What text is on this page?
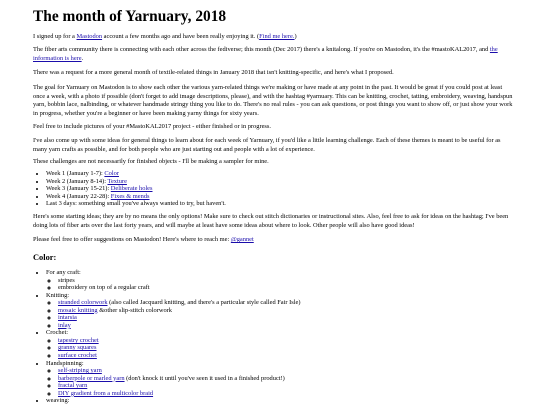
The month of Yarnuary, 2018

I signed up for a Mastodon account a few months ago and have been really enjoying it. (Find me here.)

The fiber arts community there is connecting with each other across the fediverse; this month (Dec 2017) there's a knitalong. If you're on Mastodon, it's the #mastoKAL2017, and the information is here.

There was a request for a more general month of textile-related things in January 2018 that isn't knitting-specific, and here's what I proposed.

The goal for Yarnuary on Mastodon is to show each other the various yarn-related things we're making or have made at any point in the past. It would be great if you could post at least once a week, with a photo if possible (don't forget to add image descriptions, please), and with the hashtag #yarnuary. This can be knitting, crochet, tatting, embroidery, weaving, handspun yarn, bobbin lace, nalbinding, or whatever handmade stringy thing you like to do. There's no real rules - you can ask questions, or post things you want to show off, or just show your work in progress, whether you're a beginner or have been making yarny things for sixty years.

Feel free to include pictures of your #MastoKAL2017 project - either finished or in progress.

I've also come up with some ideas for general things to learn about for each week of Yarnuary, if you'd like a little learning challenge. Each of these themes is meant to be useful for as many yarn crafts as possible, and for both people who are just starting out and people with a lot of experience.

These challenges are not necessarily for finished objects - I'll be making a sampler for mine.

• Week 1 (January 1-7): Color
• Week 2 (January 8-14): Texture
• Week 3 (January 15-21): Deliberate holes
• Week 4 (January 22-28): Fixes & mends
• Last 3 days: something small you've always wanted to try, but haven't.

Here's some starting ideas; they are by no means the only options! Make sure to check out stitch dictionaries or instructional sites. Also, feel free to ask for ideas on the hashtag; I've been doing lots of fiber arts over the last forty years, and will maybe at least have some ideas about where to look. Other people will also have good ideas!

Please feel free to offer suggestions on Mastodon! Here's where to reach me: @gannet

Color:
• For any craft:
◦ stripes
◦ embroidery on top of a regular craft
• Knitting:
◦ stranded colorwork (also called Jacquard knitting, and there's a particular style called Fair Isle)
◦ mosaic knitting &other slip-stitch colorwork
◦ intarsia
◦ inlay
• Crochet:
◦ tapestry crochet
◦ granny squares
◦ surface crochet
• Handspinning:
◦ self-striping yarn
◦ barberpole or marled yarn (don't knock it until you've seen it used in a finished product!)
◦ fractal yarn
◦ DIY gradient from a multicolor braid
• weaving:
